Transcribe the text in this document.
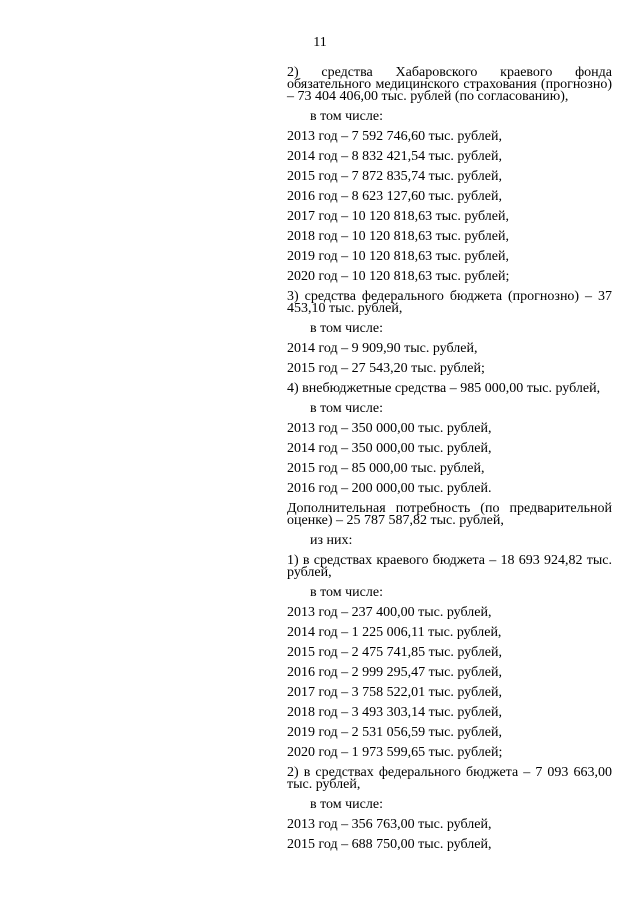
11
2) средства Хабаровского краевого фонда обязательного медицинского страхования (прогнозно) – 73 404 406,00 тыс. рублей (по согласованию),
в том числе:
2013 год – 7 592 746,60 тыс. рублей,
2014 год – 8 832 421,54 тыс. рублей,
2015 год – 7 872 835,74 тыс. рублей,
2016 год – 8 623 127,60 тыс. рублей,
2017 год – 10 120 818,63 тыс. рублей,
2018 год – 10 120 818,63 тыс. рублей,
2019 год – 10 120 818,63 тыс. рублей,
2020 год – 10 120 818,63 тыс. рублей;
3) средства федерального бюджета (прогнозно) – 37 453,10 тыс. рублей,
в том числе:
2014 год – 9 909,90 тыс. рублей,
2015 год – 27 543,20 тыс. рублей;
4) внебюджетные средства – 985 000,00 тыс. рублей,
в том числе:
2013 год – 350 000,00 тыс. рублей,
2014 год – 350 000,00 тыс. рублей,
2015 год – 85 000,00 тыс. рублей,
2016 год – 200 000,00 тыс. рублей.
Дополнительная потребность (по предварительной оценке) – 25 787 587,82 тыс. рублей,
из них:
1) в средствах краевого бюджета – 18 693 924,82 тыс. рублей,
в том числе:
2013 год – 237 400,00 тыс. рублей,
2014 год – 1 225 006,11 тыс. рублей,
2015 год – 2 475 741,85 тыс. рублей,
2016 год – 2 999 295,47 тыс. рублей,
2017 год – 3 758 522,01 тыс. рублей,
2018 год – 3 493 303,14 тыс. рублей,
2019 год – 2 531 056,59 тыс. рублей,
2020 год – 1 973 599,65 тыс. рублей;
2) в средствах федерального бюджета – 7 093 663,00 тыс. рублей,
в том числе:
2013 год – 356 763,00 тыс. рублей,
2015 год – 688 750,00 тыс. рублей,
